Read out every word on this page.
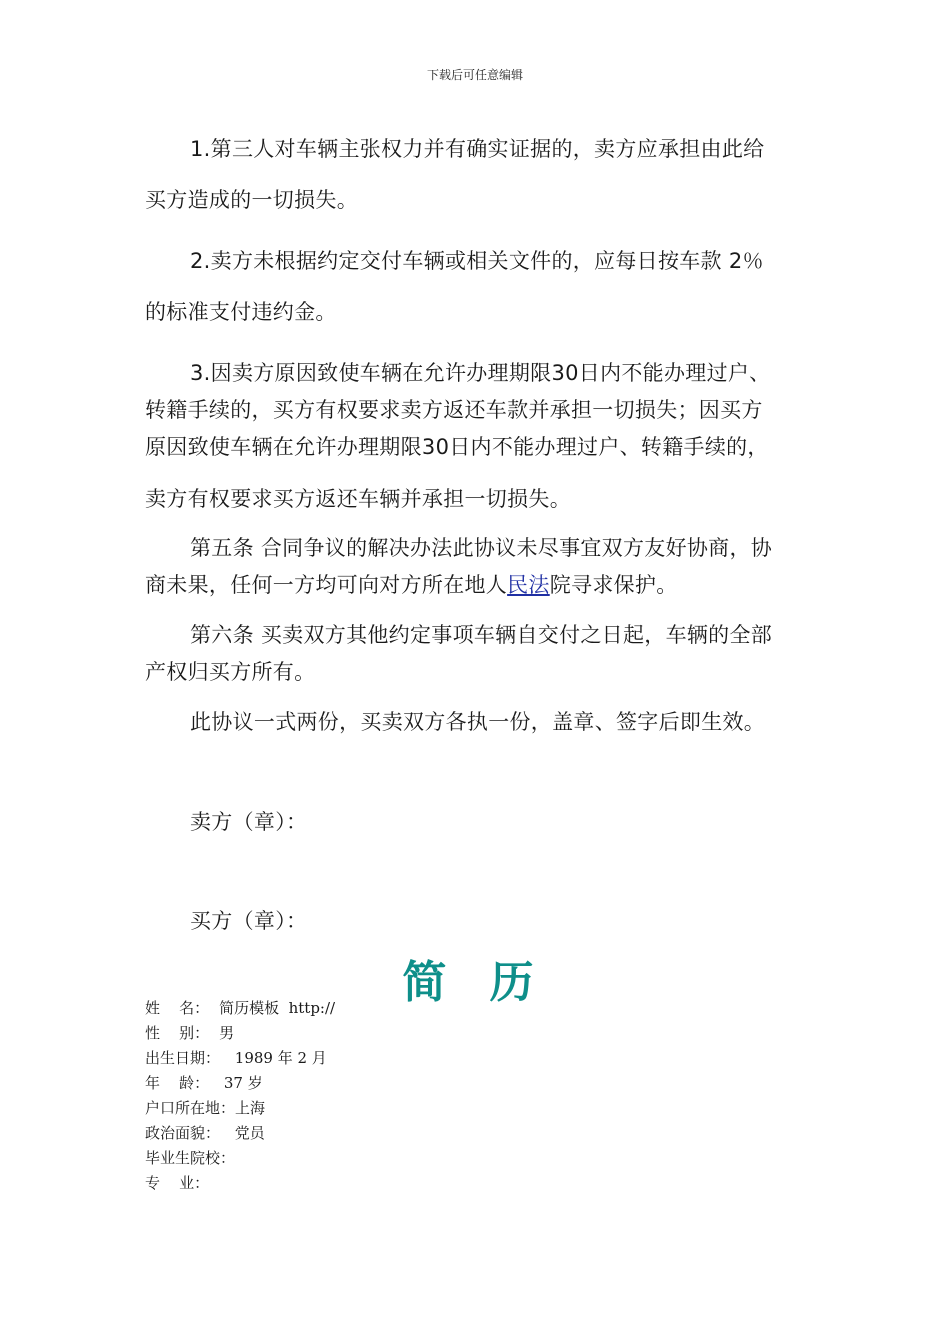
下载后可任意编辑
1.第三人对车辆主张权力并有确实证据的，卖方应承担由此给
买方造成的一切损失。
2.卖方未根据约定交付车辆或相关文件的，应每日按车款 2％
的标准支付违约金。
3.因卖方原因致使车辆在允许办理期限30日内不能办理过户、
转籍手续的，买方有权要求卖方返还车款并承担一切损失；因买方
原因致使车辆在允许办理期限30日内不能办理过户、转籍手续的，
卖方有权要求买方返还车辆并承担一切损失。
第五条 合同争议的解决办法此协议未尽事宜双方友好协商，协
商未果，任何一方均可向对方所在地人民法院寻求保护。
第六条 买卖双方其他约定事项车辆自交付之日起，车辆的全部
产权归买方所有。
此协议一式两份，买卖双方各执一份，盖章、签字后即生效。
卖方（章）：
买方（章）：
简 历
姓    名： 简历模板  http://
性    别： 男
出生日期： 1989 年 2 月
年    龄： 37 岁
户口所在地：上海
政治面貌： 党员
毕业生院校：
专    业：
